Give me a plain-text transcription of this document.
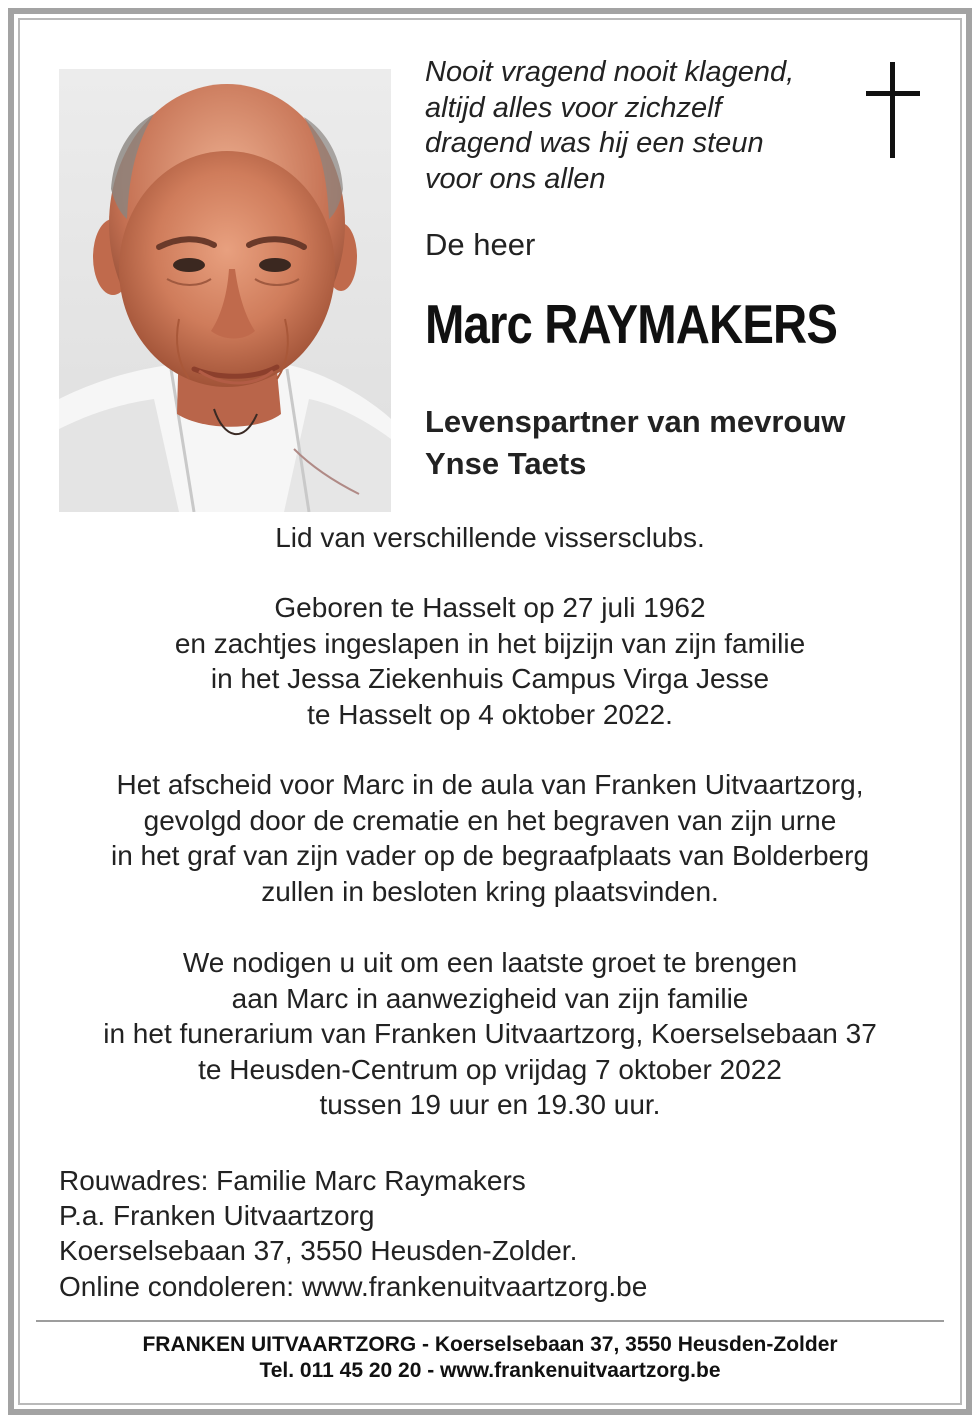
Nooit vragend nooit klagend,
altijd alles voor zichzelf
dragend was hij een steun
voor ons allen
De heer
Marc RAYMAKERS
Levenspartner van mevrouw
Ynse Taets
Lid van verschillende vissersclubs.
Geboren te Hasselt op 27 juli 1962
en zachtjes ingeslapen in het bijzijn van zijn familie
in het Jessa Ziekenhuis Campus Virga Jesse
te Hasselt op 4 oktober 2022.
Het afscheid voor Marc in de aula van Franken Uitvaartzorg,
gevolgd door de crematie en het begraven van zijn urne
in het graf van zijn vader op de begraafplaats van Bolderberg
zullen in besloten kring plaatsvinden.
We nodigen u uit om een laatste groet te brengen
aan Marc in aanwezigheid van zijn familie
in het funerarium van Franken Uitvaartzorg, Koerselsebaan 37
te Heusden-Centrum op vrijdag 7 oktober 2022
tussen 19 uur en 19.30 uur.
Rouwadres: Familie Marc Raymakers
P.a. Franken Uitvaartzorg
Koerselsebaan 37, 3550 Heusden-Zolder.
Online condoleren: www.frankenuitvaartzorg.be
FRANKEN UITVAARTZORG - Koerselsebaan 37, 3550 Heusden-Zolder
Tel. 011 45 20 20 - www.frankenuitvaartzorg.be
